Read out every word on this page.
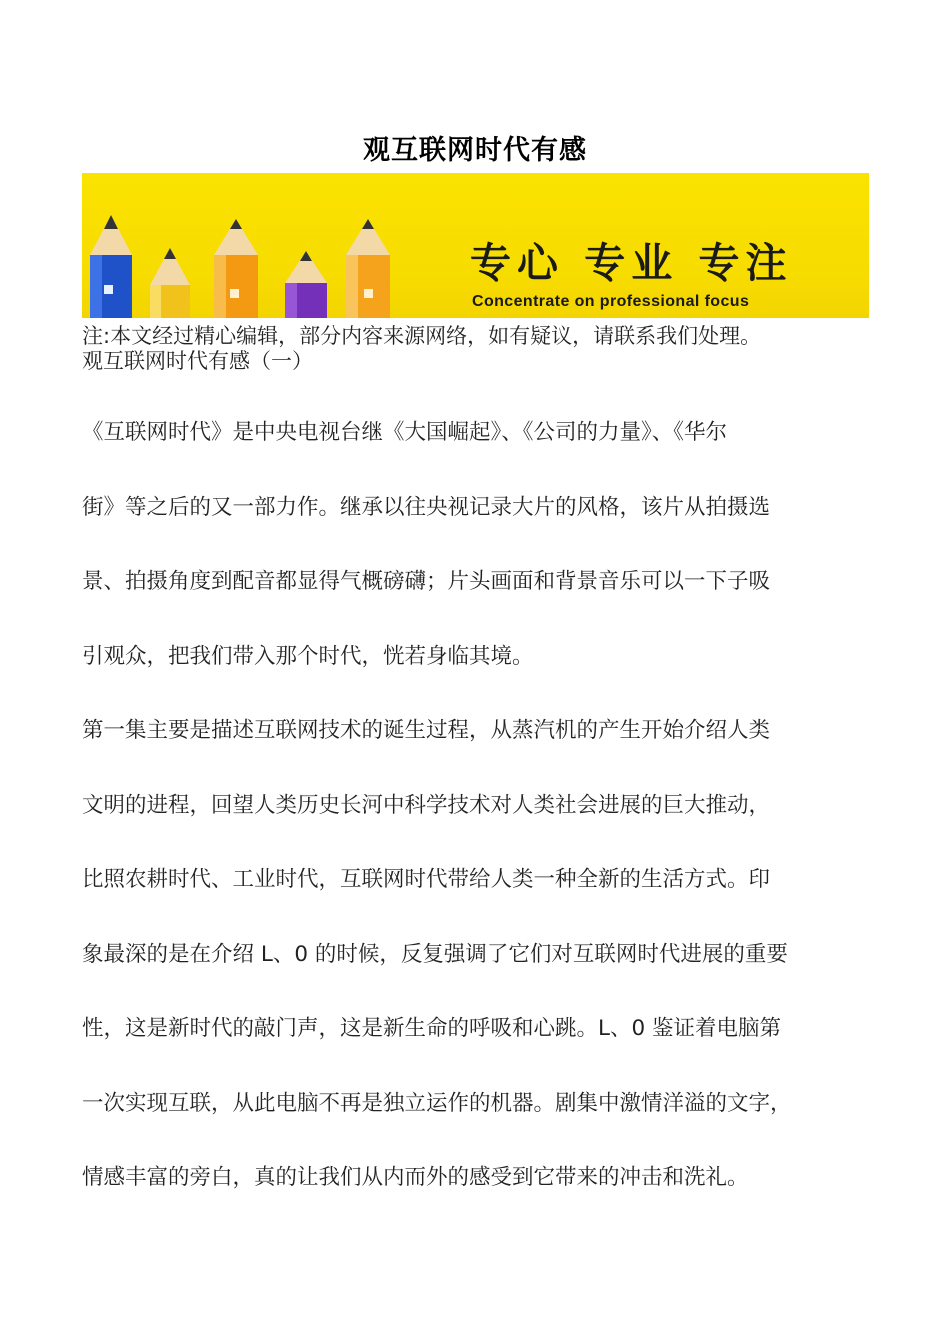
观互联网时代有感
专心 专业 专注
Concentrate on professional focus
注:本文经过精心编辑，部分内容来源网络，如有疑议，请联系我们处理。
观互联网时代有感（一）
《互联网时代》是中央电视台继《大国崛起》、《公司的力量》、《华尔
街》等之后的又一部力作。继承以往央视记录大片的风格，该片从拍摄选
景、拍摄角度到配音都显得气概磅礴；片头画面和背景音乐可以一下子吸
引观众，把我们带入那个时代，恍若身临其境。
第一集主要是描述互联网技术的诞生过程，从蒸汽机的产生开始介绍人类
文明的进程，回望人类历史长河中科学技术对人类社会进展的巨大推动，
比照农耕时代、工业时代，互联网时代带给人类一种全新的生活方式。印
象最深的是在介绍 L、0 的时候，反复强调了它们对互联网时代进展的重要
性，这是新时代的敲门声，这是新生命的呼吸和心跳。L、0 鉴证着电脑第
一次实现互联，从此电脑不再是独立运作的机器。剧集中激情洋溢的文字，
情感丰富的旁白，真的让我们从内而外的感受到它带来的冲击和洗礼。
